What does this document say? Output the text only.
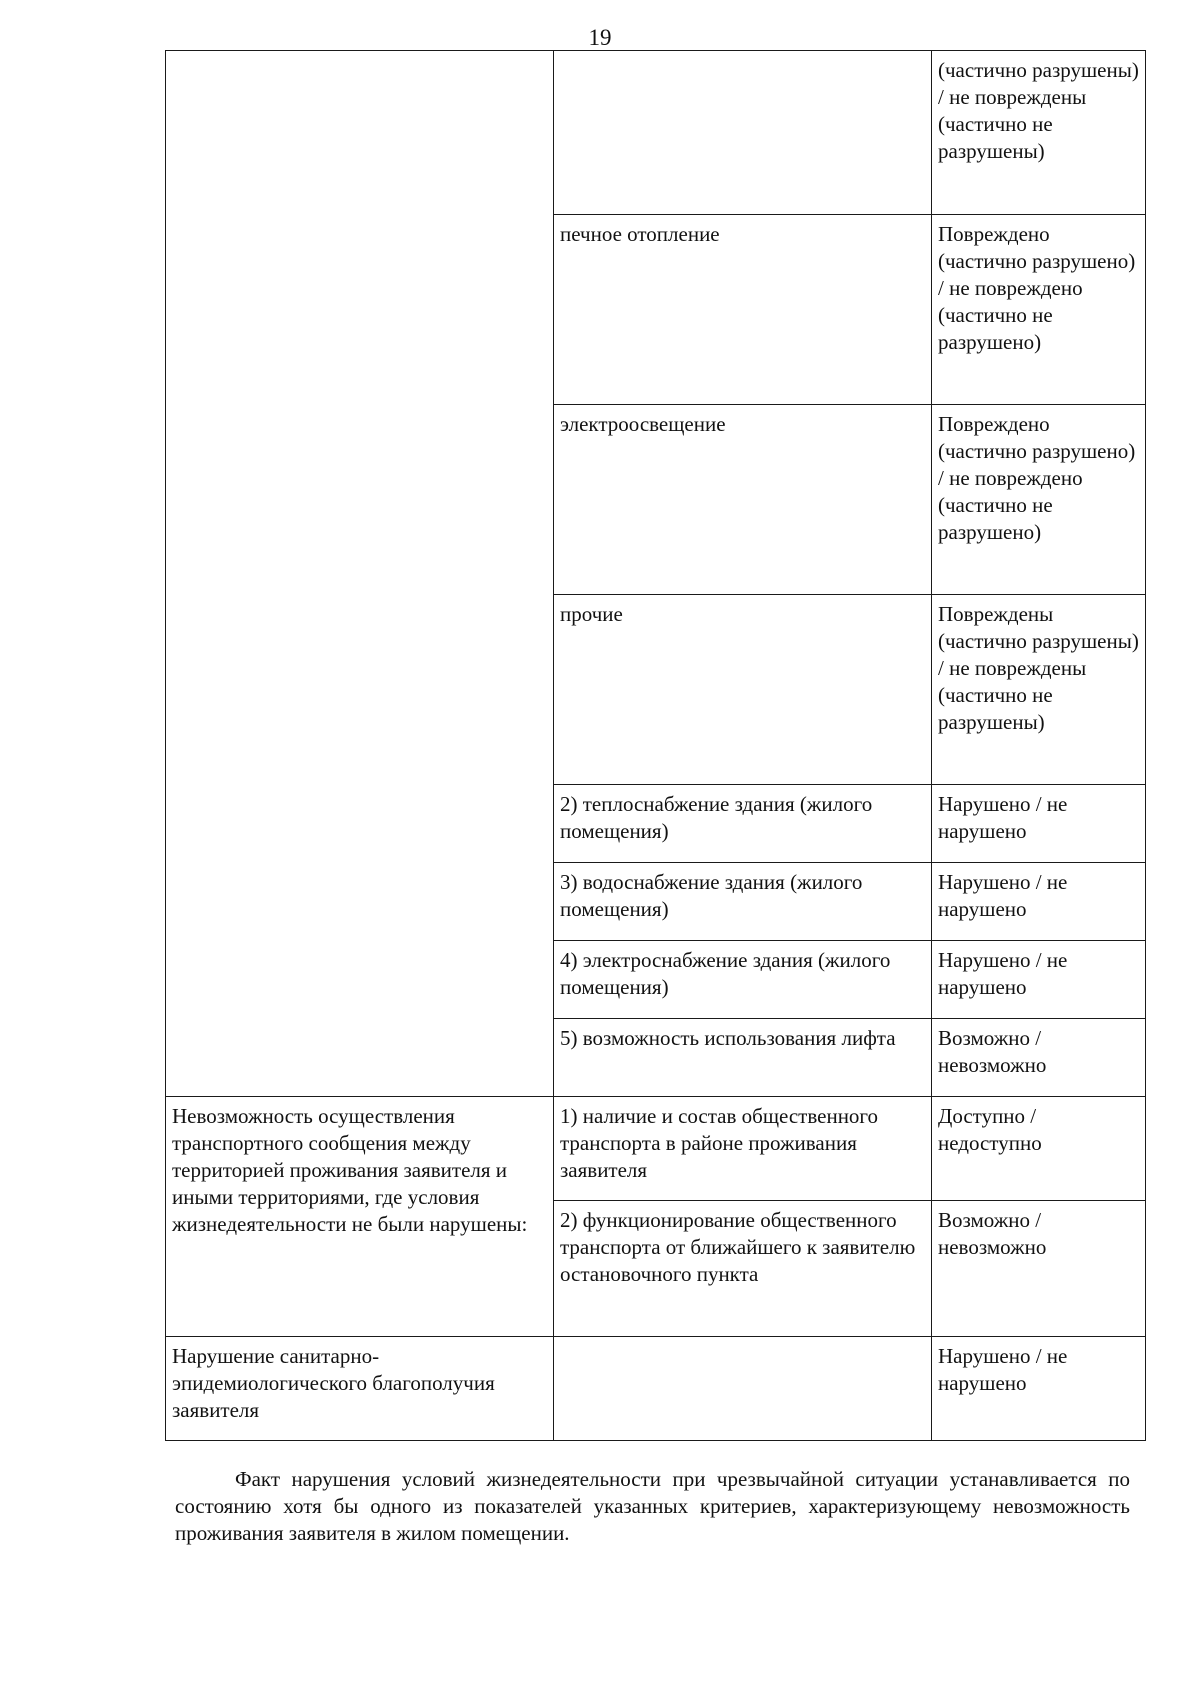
19
		(частично разрушены) / не повреждены (частично не разрушены)
	печное отопление	Повреждено (частично разрушено) / не повреждено (частично не разрушено)
	электроосвещение	Повреждено (частично разрушено) / не повреждено (частично не разрушено)
	прочие	Повреждены (частично разрушены) / не повреждены (частично не разрушены)
	2) теплоснабжение здания (жилого помещения)	Нарушено / не нарушено
	3) водоснабжение здания (жилого помещения)	Нарушено / не нарушено
	4) электроснабжение здания (жилого помещения)	Нарушено / не нарушено
	5) возможность использования лифта	Возможно / невозможно
Невозможность осуществления транспортного сообщения между территорией проживания заявителя и иными территориями, где условия жизнедеятельности не были нарушены:	1) наличие и состав общественного транспорта в районе проживания заявителя	Доступно / недоступно
	2) функционирование общественного транспорта от ближайшего к заявителю остановочного пункта	Возможно / невозможно
Нарушение санитарно-эпидемиологического благополучия заявителя		Нарушено / не нарушено

Факт нарушения условий жизнедеятельности при чрезвычайной ситуации устанавливается по состоянию хотя бы одного из показателей указанных критериев, характеризующему невозможность проживания заявителя в жилом помещении.
